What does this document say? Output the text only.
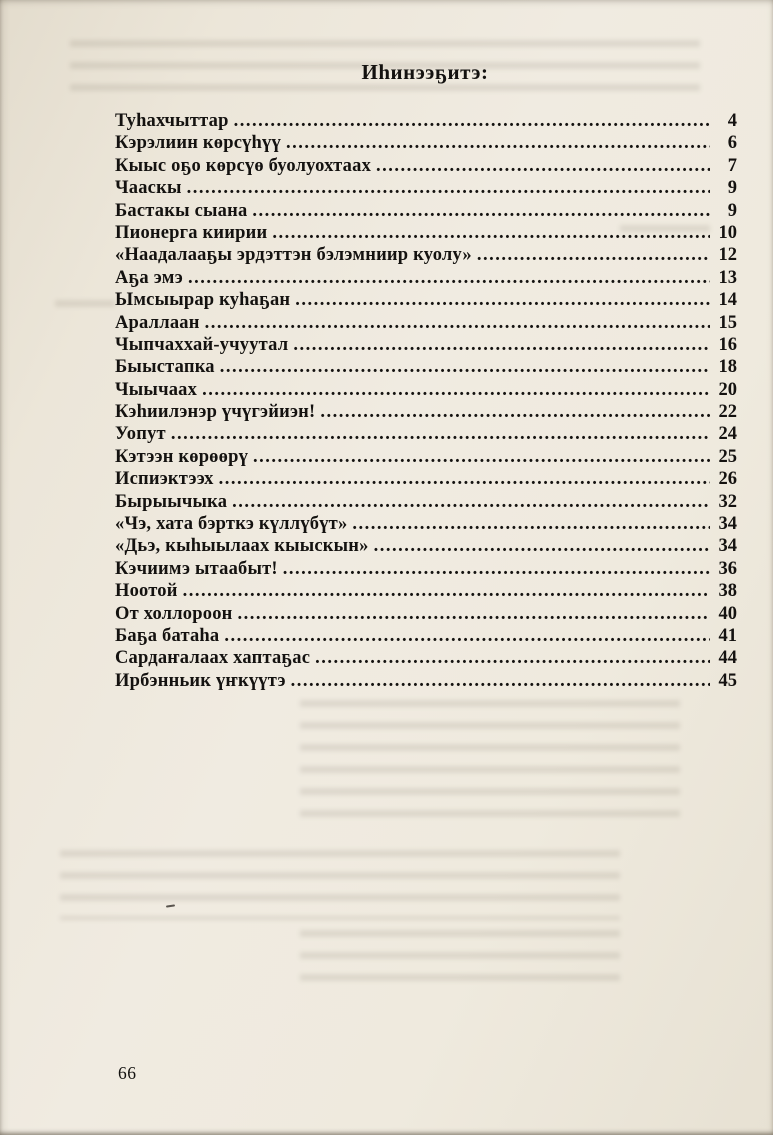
Иһинээҕитэ:
Туһахчыттар .....	4
Кэрэлиин көрсүһүү .....	6
Кыыс оҕо көрсүө буолуохтаах .....	7
Чааскы .....	9
Бастакы сыана .....	9
Пионерга киирии .....	10
«Наадалааҕы эрдэттэн бэлэмниир куолу» .....	12
Аҕа эмэ .....	13
Ымсыырар куһаҕан .....	14
Араллаан .....	15
Чыпчаххай-учуутал .....	16
Быыстапка .....	18
Чыычаах .....	20
Кэһиилэнэр үчүгэйиэн! .....	22
Уопут .....	24
Кэтээн көрөөрү .....	25
Испиэктээх .....	26
Бырыычыка .....	32
«Чэ, хата бэрткэ күллүбүт» .....	34
«Дьэ, кыһыылаах кыыскын» .....	34
Кэчиимэ ытаабыт! .....	36
Ноотой .....	38
От холлороон .....	40
Баҕа батаһа .....	41
Сардаҥалаах хаптаҕас .....	44
Ирбэнньик үҥкүүтэ .....	45
66
